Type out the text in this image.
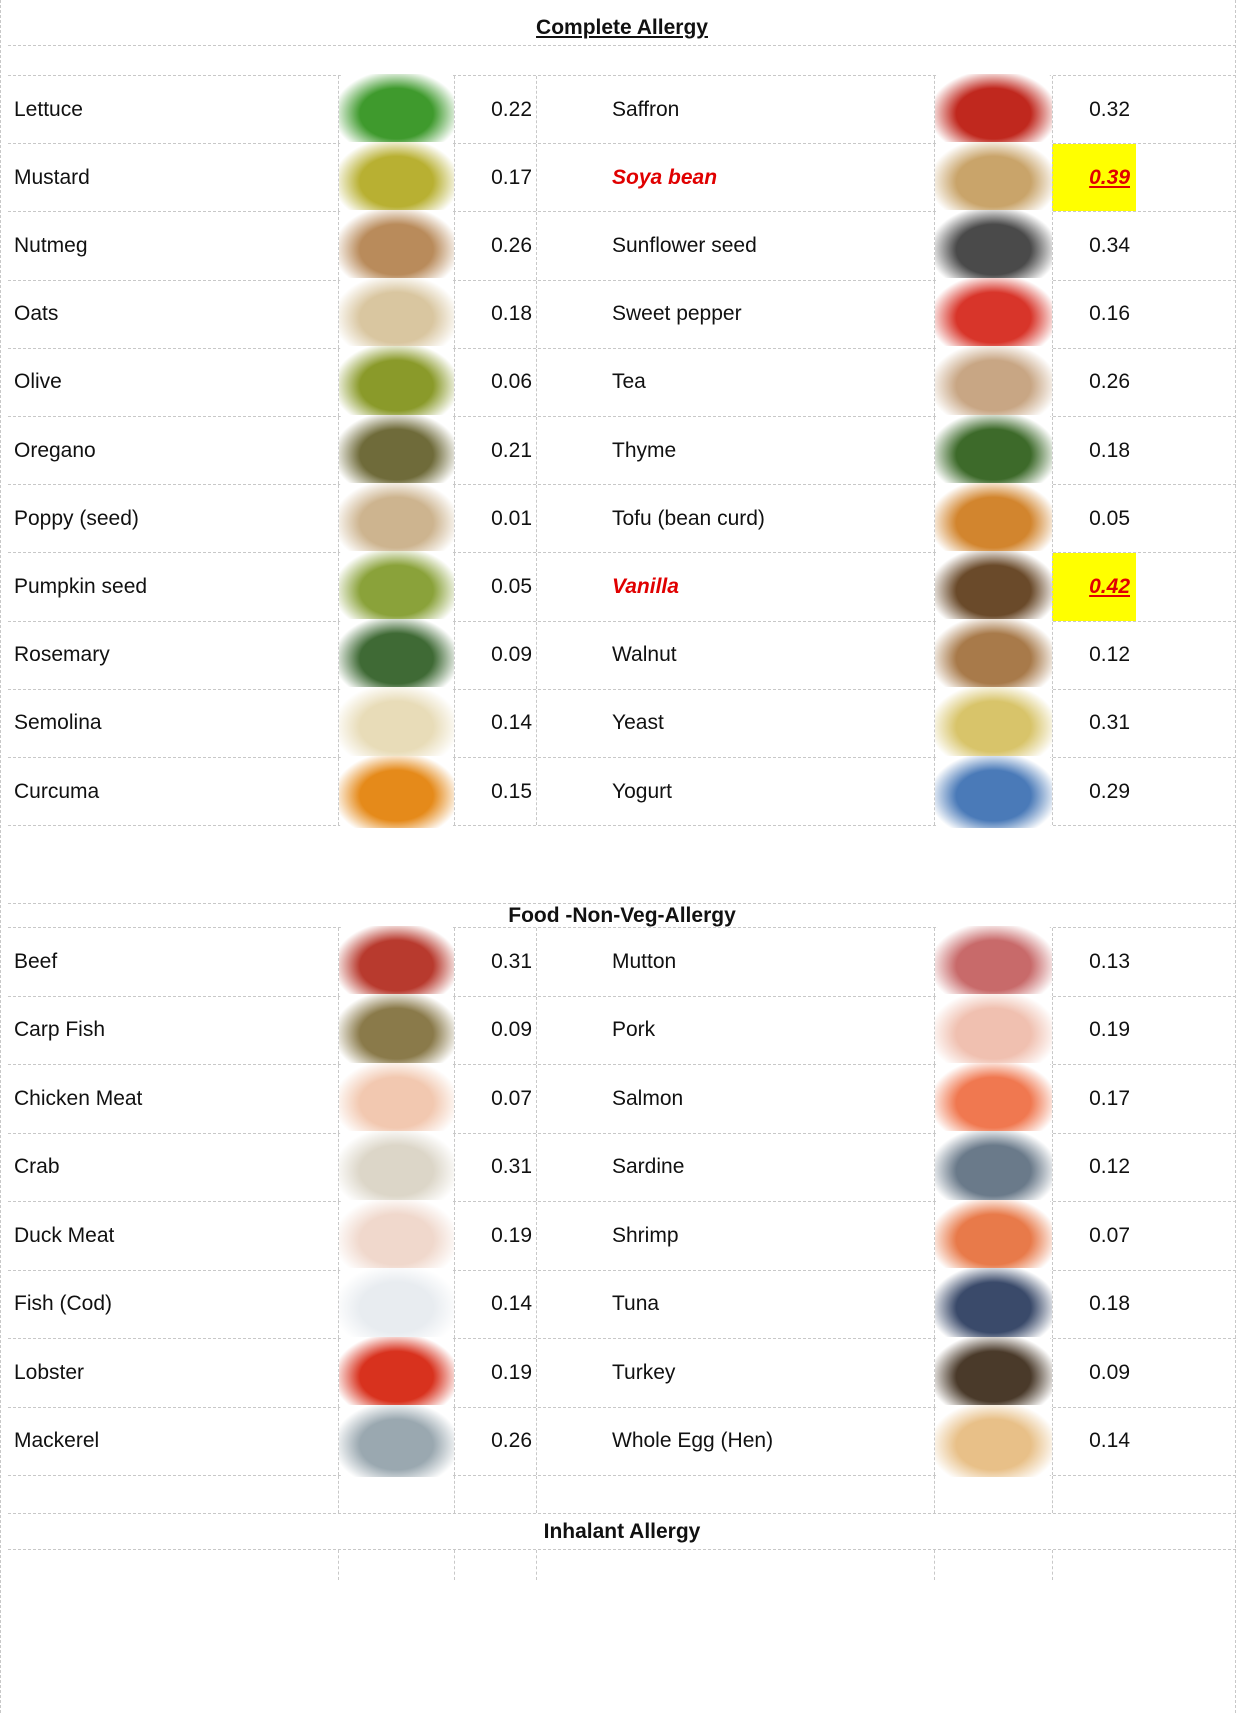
Complete Allergy
Lettuce	0.22	Saffron	0.32
Mustard	0.17	Soya bean	0.39
Nutmeg	0.26	Sunflower seed	0.34
Oats	0.18	Sweet pepper	0.16
Olive	0.06	Tea	0.26
Oregano	0.21	Thyme	0.18
Poppy (seed)	0.01	Tofu (bean curd)	0.05
Pumpkin seed	0.05	Vanilla	0.42
Rosemary	0.09	Walnut	0.12
Semolina	0.14	Yeast	0.31
Curcuma	0.15	Yogurt	0.29
Food -Non-Veg-Allergy
Beef	0.31	Mutton	0.13
Carp Fish	0.09	Pork	0.19
Chicken Meat	0.07	Salmon	0.17
Crab	0.31	Sardine	0.12
Duck Meat	0.19	Shrimp	0.07
Fish (Cod)	0.14	Tuna	0.18
Lobster	0.19	Turkey	0.09
Mackerel	0.26	Whole Egg (Hen)	0.14
Inhalant Allergy
